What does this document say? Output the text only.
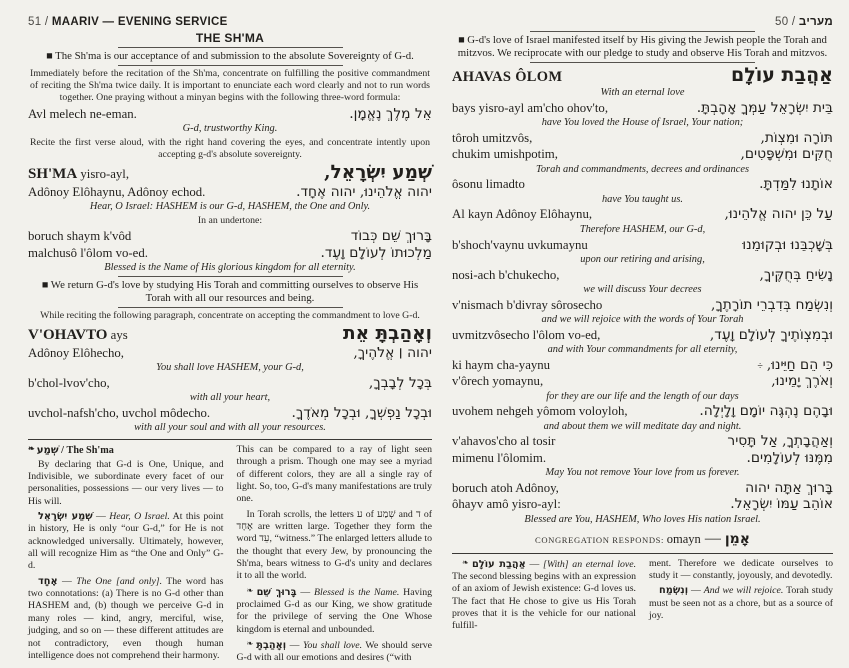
51 / MAARIV — EVENING SERVICE
THE SH'MA
■ The Sh'ma is our acceptance of and submission to the absolute Sovereignty of G-d.
Immediately before the recitation of the Sh'ma, concentrate on fulfilling the positive commandment of reciting the Sh'ma twice daily. It is important to enunciate each word clearly and not to run words together. One praying without a minyan begins with the following three-word formula:
Avl melech ne-eman.	אֵל מֶלֶךְ נֶאֱמָן.
G-d, trustworthy King.
Recite the first verse aloud, with the right hand covering the eyes, and concentrate intently upon accepting g-d's absolute sovereignty.
SH'MA yisro-ayl,	שְׁמַע יִשְׂרָאֵל,
Adônoy Elôhaynu, Adônoy echod.	יהוה אֱלֹהֵינוּ, יהוה אֶחָד.
Hear, O Israel: HASHEM is our G-d, HASHEM, the One and Only.
In an undertone:
boruch shaym k'vôd	בָּרוּךְ שֵׁם כְּבוֹד
malchusô l'ôlom vo-ed.	מַלְכוּתוֹ לְעוֹלָם וָעֶד.
Blessed is the Name of His glorious kingdom for all eternity.
■ We return G-d's love by studying His Torah and committing ourselves to observe His Torah with all our resources and being.
While reciting the following paragraph, concentrate on accepting the commandment to love G-d.
V'OHAVTO ays	וְאָהַבְתָּ אֵת
Adônoy Elôhecho,	יהוה ׀ אֱלֹהֶיךָ,
You shall love HASHEM, your G-d,
b'chol-lvov'cho,	בְּכָל לְבָבְךָ,
with all your heart,
uvchol-nafsh'cho, uvchol môdecho.	וּבְכָל נַפְשְׁךָ, וּבְכָל מְאֹדֶךָ.
with all your soul and with all your resources.

❧ שְׁמַע / The Sh'ma

By declaring that G-d is One, Unique, and Indivisible, we subordinate every facet of our personalities, possessions — our very lives — to His will.

שְׁמַע יִשְׂרָאֵל — Hear, O Israel. At this point in history, He is only “our G-d,” for He is not acknowledged universally. Ultimately, however, all will recognize Him as “the One and Only” G-d.

אֶחָד — The One [and only]. The word has two connotations: (a) There is no G-d other than HASHEM and, (b) though we perceive G-d in many roles — kind, angry, merciful, wise, judging, and so on — these different attitudes are not contradictory, even though human intelligence does not comprehend their harmony.

This can be compared to a ray of light seen through a prism. Though one may see a myriad of different colors, they are all a single ray of light. So, too, G-d's many manifestations are truly one.

In Torah scrolls, the letters ע of שְׁמַע and ד of אֶחָד are written large. Together they form the word עֵד, “witness.” The enlarged letters allude to the thought that every Jew, by pronouncing the Sh'ma, bears witness to G-d's unity and declares it to all the world.

❧ בָּרוּךְ שֵׁם — Blessed is the Name. Having proclaimed G-d as our King, we show gratitude for the privilege of serving the One Whose kingdom is eternal and unbounded.

❧ וְאָהַבְתָּ — You shall love. We should serve G-d with all our emotions and desires (“with

50 / מעריב
■ G-d's love of Israel manifested itself by His giving the Jewish people the Torah and mitzvos. We reciprocate with our pledge to study and observe His Torah and mitzvos.
AHAVAS ÔLOM	אַהֲבַת עוֹלָם
With an eternal love
bays yisro-ayl am'cho ohov'to,	בֵּית יִשְׂרָאֵל עַמְּךָ אָהָבְתָּ.
have You loved the House of Israel, Your nation;
tôroh umitzvôs,	תּוֹרָה וּמִצְוֹת,
chukim umishpotim,	חֻקִּים וּמִשְׁפָּטִים,
Torah and commandments, decrees and ordinances
ôsonu limadto	אוֹתָנוּ לִמַּדְתָּ.
have You taught us.
Al kayn Adônoy Elôhaynu,	עַל כֵּן יהוה אֱלֹהֵינוּ,
Therefore HASHEM, our G-d,
b'shoch'vaynu uvkumaynu	בְּשָׁכְבֵּנוּ וּבְקוּמֵנוּ
upon our retiring and arising,
nosi-ach b'chukecho,	נָשִׂיחַ בְּחֻקֶּיךָ,
we will discuss Your decrees
v'nismach b'divray sôrosecho	וְנִשְׂמַח בְּדִבְרֵי תוֹרָתֶךָ,
and we will rejoice with the words of Your Torah
uvmitzvôsecho l'ôlom vo-ed,	וּבְמִצְוֹתֶיךָ לְעוֹלָם וָעֶד,
and with Your commandments for all eternity,
ki haym cha-yaynu	÷ כִּי הֵם חַיֵּינוּ,
v'ôrech yomaynu,	וְאֹרֶךְ יָמֵינוּ,
for they are our life and the length of our days
uvohem nehgeh yômom voloyloh,	וּבָהֶם נֶהְגֶּה יוֹמָם וָלָיְלָה.
and about them we will meditate day and night.
v'ahavos'cho al tosir	וְאַהֲבָתְךָ, אַל תָּסִיר
mimenu l'ôlomim.	מִמֶּנּוּ לְעוֹלָמִים.
May You not remove Your love from us forever.
boruch atoh Adônoy,	בָּרוּךְ אַתָּה יהוה
ôhayv amô yisro-ayl:	אוֹהֵב עַמּוֹ יִשְׂרָאֵל.
Blessed are You, HASHEM, Who loves His nation Israel.
CONGREGATION RESPONDS: omayn — אָמֵן

❧ אַהֲבַת עוֹלָם — [With] an eternal love. The second blessing begins with an expression of an axiom of Jewish existence: G-d loves us. The fact that He chose to give us His Torah proves that it is the vehicle for our national fulfill-

ment. Therefore we dedicate ourselves to study it — constantly, joyously, and devotedly.

וְנִשְׂמַח — And we will rejoice. Torah study must be seen not as a chore, but as a source of joy.
